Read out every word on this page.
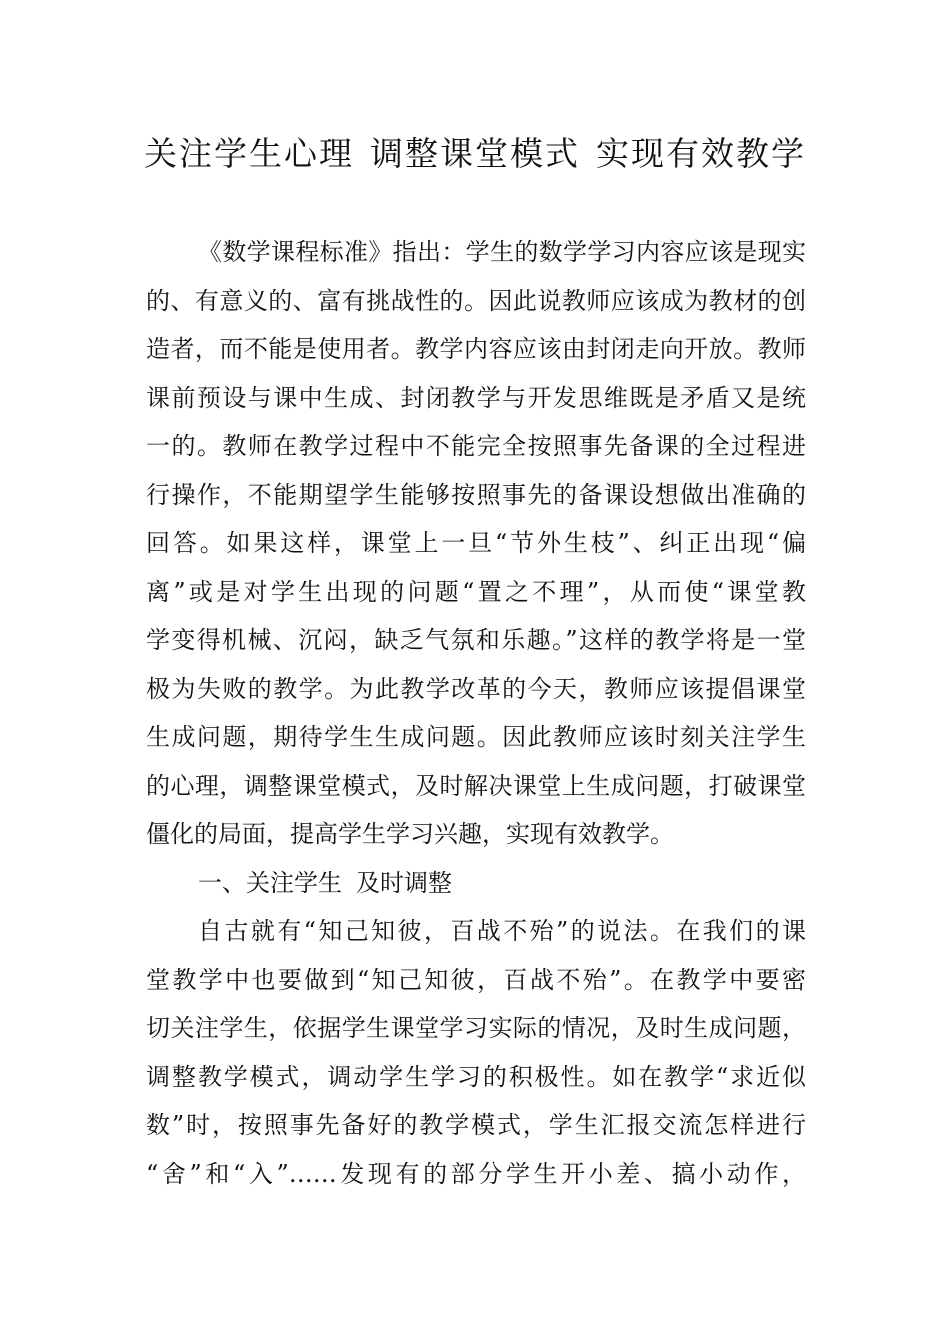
关注学生心理 调整课堂模式 实现有效教学
《数学课程标准》指出：学生的数学学习内容应该是现实
的、有意义的、富有挑战性的。因此说教师应该成为教材的创
造者，而不能是使用者。教学内容应该由封闭走向开放。教师
课前预设与课中生成、封闭教学与开发思维既是矛盾又是统
一的。教师在教学过程中不能完全按照事先备课的全过程进
行操作，不能期望学生能够按照事先的备课设想做出准确的
回答。如果这样，课堂上一旦“节外生枝”、纠正出现“偏
离”或是对学生出现的问题“置之不理”，从而使“课堂教
学变得机械、沉闷，缺乏气氛和乐趣。”这样的教学将是一堂
极为失败的教学。为此教学改革的今天，教师应该提倡课堂
生成问题，期待学生生成问题。因此教师应该时刻关注学生
的心理，调整课堂模式，及时解决课堂上生成问题，打破课堂
僵化的局面，提高学生学习兴趣，实现有效教学。
一、关注学生 及时调整
自古就有“知己知彼，百战不殆”的说法。在我们的课
堂教学中也要做到“知己知彼，百战不殆”。在教学中要密
切关注学生，依据学生课堂学习实际的情况，及时生成问题，
调整教学模式，调动学生学习的积极性。如在教学“求近似
数”时，按照事先备好的教学模式，学生汇报交流怎样进行
“舍”和“入”……发现有的部分学生开小差、搞小动作，
